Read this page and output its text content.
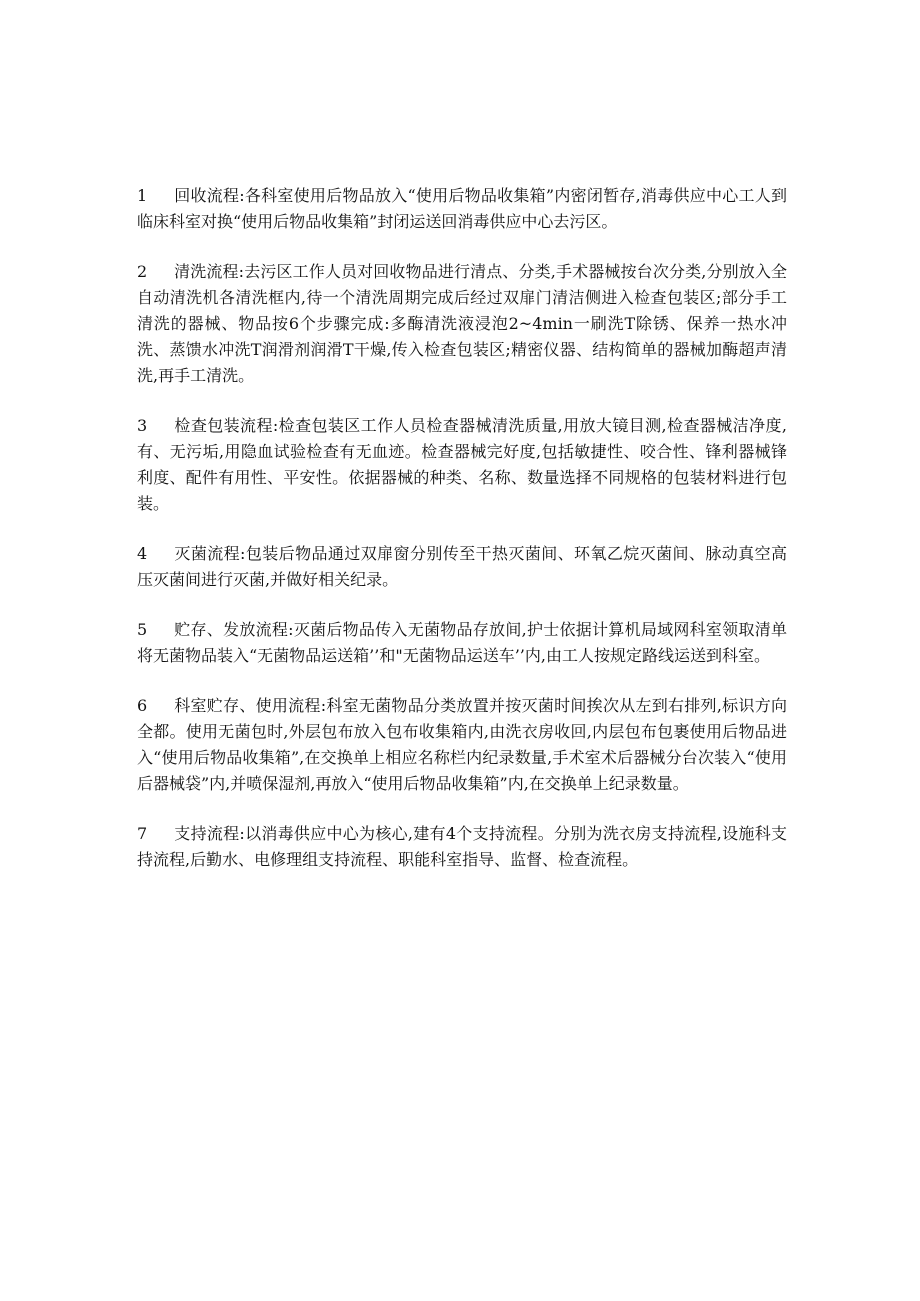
1 回收流程:各科室使用后物品放入“使用后物品收集箱”内密闭暂存,消毒供应中心工人到临床科室对换“使用后物品收集箱”封闭运送回消毒供应中心去污区。

2 清洗流程:去污区工作人员对回收物品进行清点、分类,手术器械按台次分类,分别放入全自动清洗机各清洗框内,待一个清洗周期完成后经过双扉门清洁侧进入检查包装区;部分手工清洗的器械、物品按6个步骤完成:多酶清洗液浸泡2~4min一刷洗T除锈、保养一热水冲洗、蒸馈水冲洗T润滑剂润滑T干燥,传入检查包装区;精密仪器、结构简单的器械加酶超声清洗,再手工清洗。

3 检查包装流程:检查包装区工作人员检查器械清洗质量,用放大镜目测,检查器械洁净度,有、无污垢,用隐血试验检查有无血迹。检查器械完好度,包括敏捷性、咬合性、锋利器械锋利度、配件有用性、平安性。依据器械的种类、名称、数量选择不同规格的包装材料进行包装。

4 灭菌流程:包装后物品通过双扉窗分别传至干热灭菌间、环氧乙烷灭菌间、脉动真空高压灭菌间进行灭菌,并做好相关纪录。

5 贮存、发放流程:灭菌后物品传入无菌物品存放间,护士依据计算机局域网科室领取清单将无菌物品装入“无菌物品运送箱’’和"无菌物品运送车’’内,由工人按规定路线运送到科室。

6 科室贮存、使用流程:科室无菌物品分类放置并按灭菌时间挨次从左到右排列,标识方向全都。使用无菌包时,外层包布放入包布收集箱内,由洗衣房收回,内层包布包裹使用后物品进入“使用后物品收集箱”,在交换单上相应名称栏内纪录数量,手术室术后器械分台次装入“使用后器械袋”内,并喷保湿剂,再放入“使用后物品收集箱”内,在交换单上纪录数量。

7 支持流程:以消毒供应中心为核心,建有4个支持流程。分别为洗衣房支持流程,设施科支持流程,后勤水、电修理组支持流程、职能科室指导、监督、检查流程。
